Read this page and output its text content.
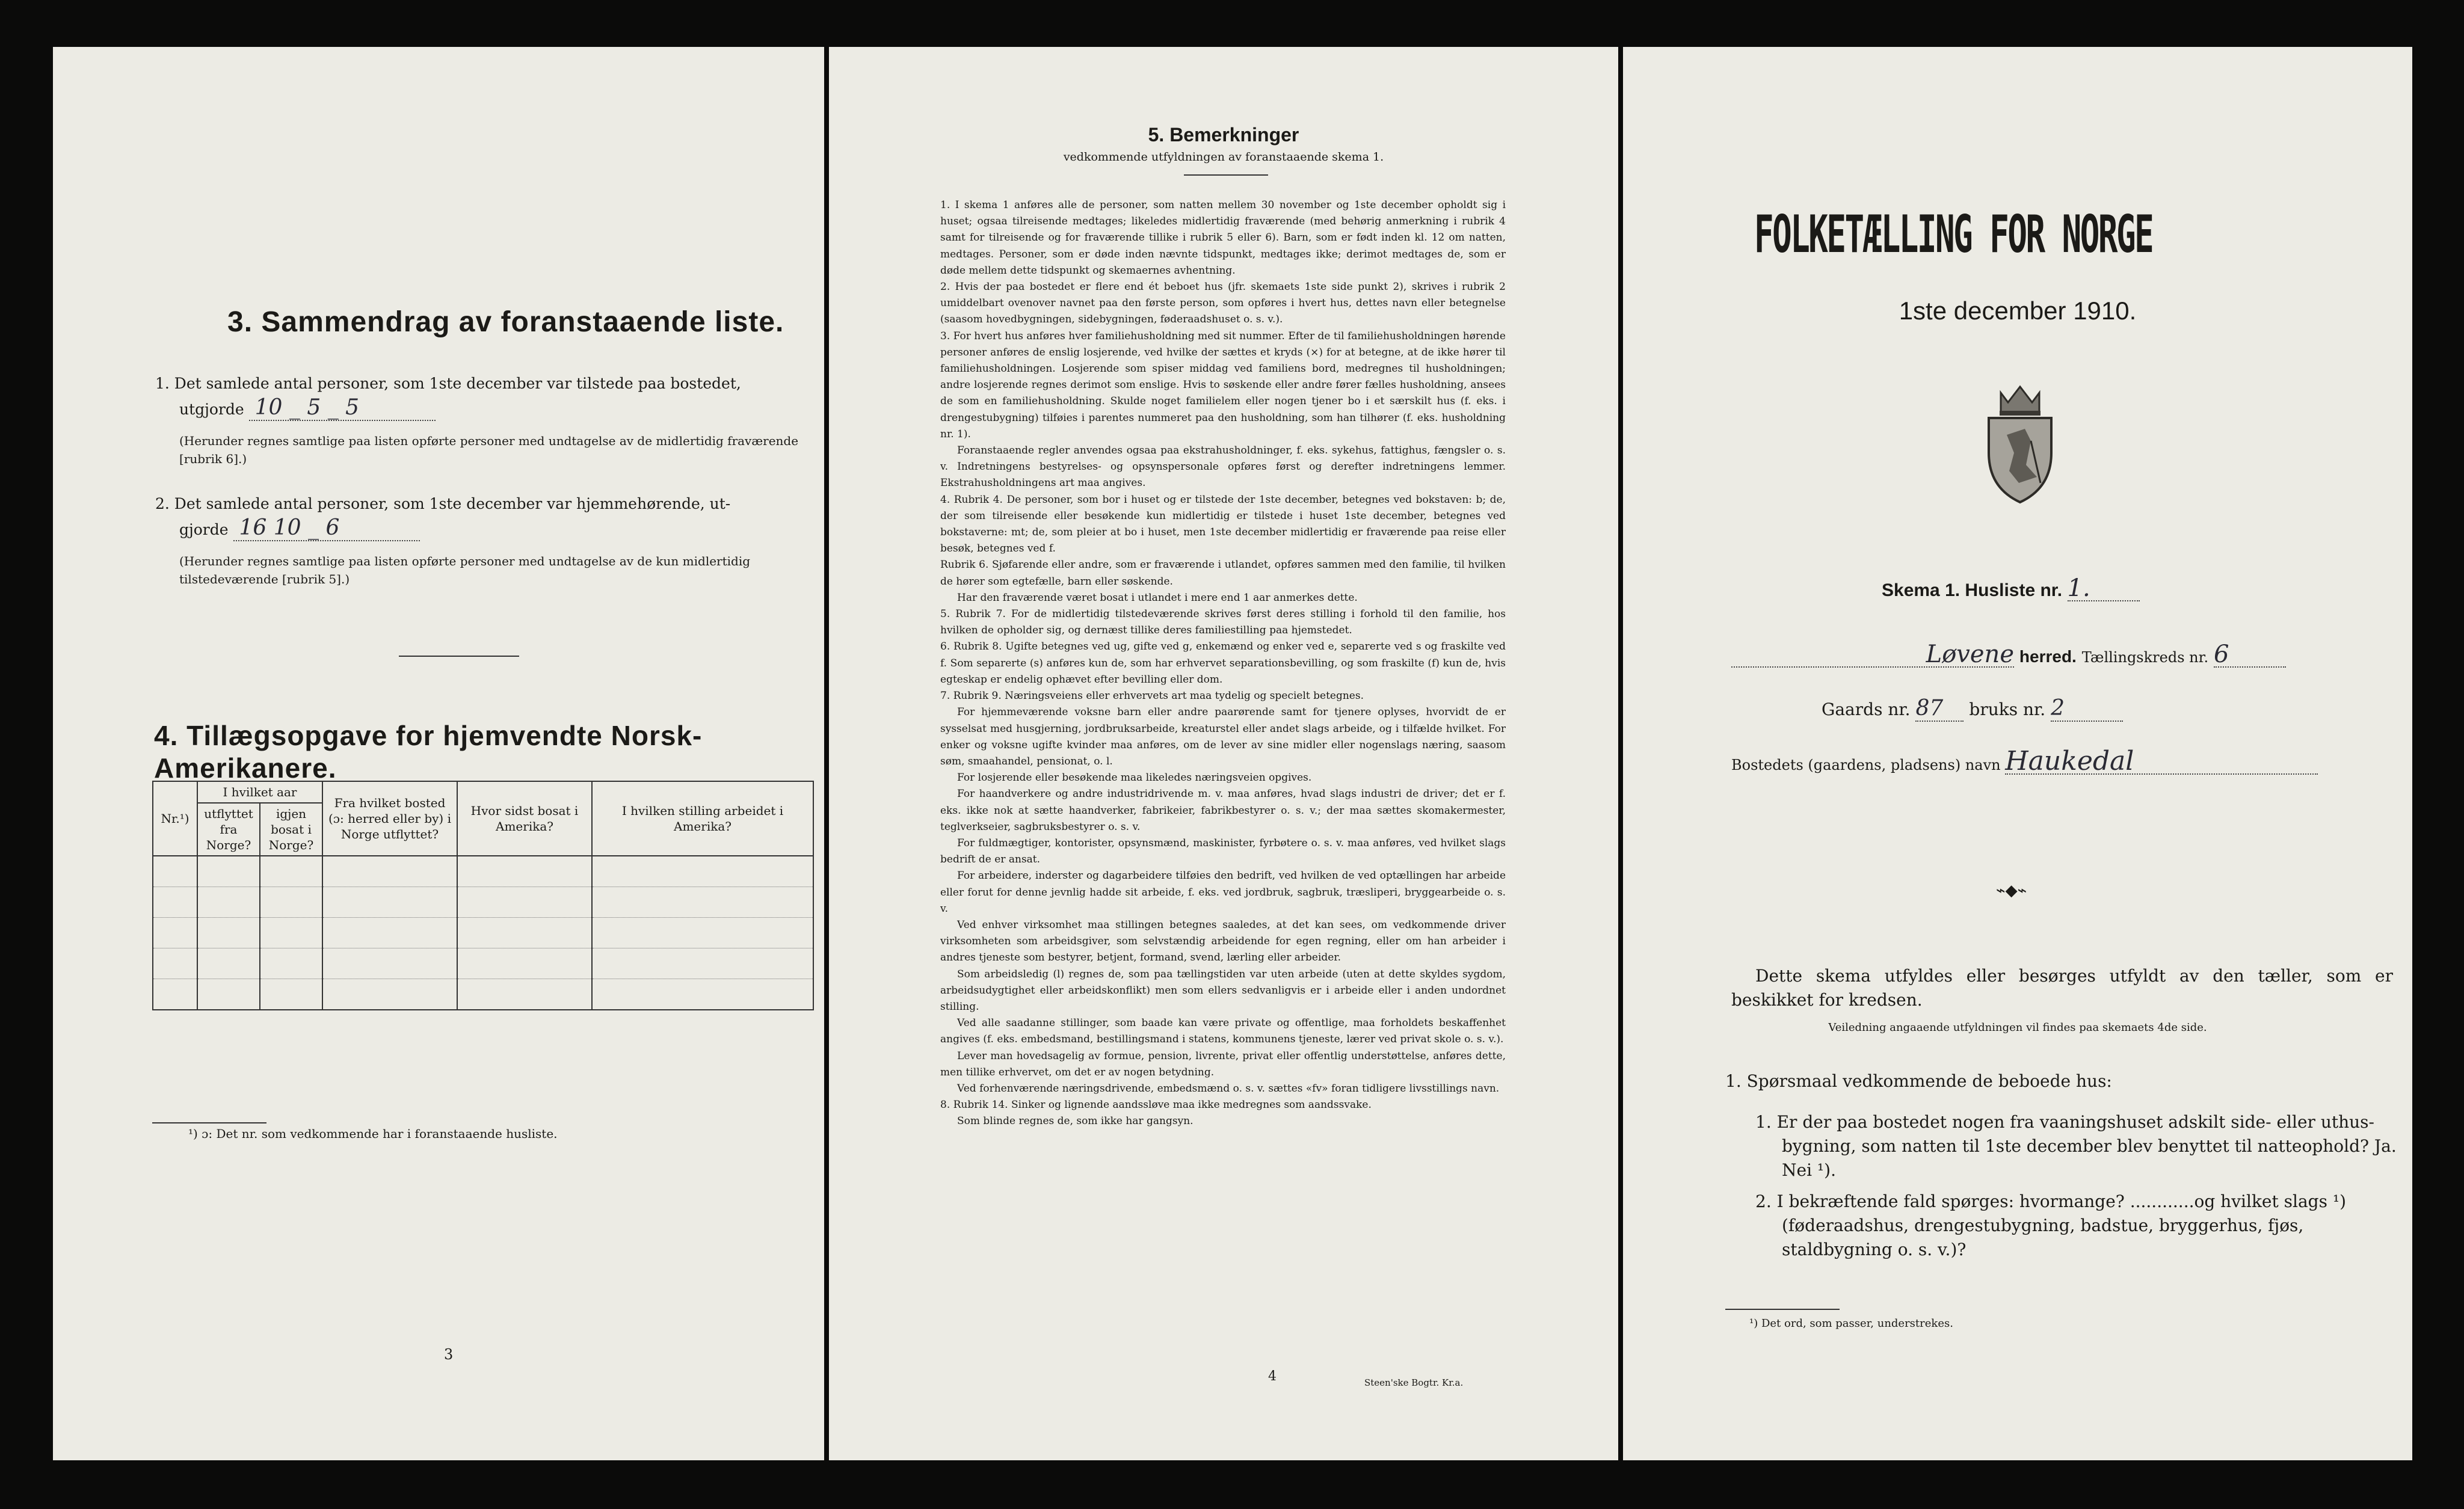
3. Sammendrag av foranstaaende liste.
1. Det samlede antal personer, som 1ste december var tilstede paa bostedet,
utgjorde 10 _ 5 _ 5
(Herunder regnes samtlige paa listen opførte personer med undtagelse av de midlertidig fraværende [rubrik 6].)
2. Det samlede antal personer, som 1ste december var hjemmehørende, ut-
gjorde 16 10 _ 6
(Herunder regnes samtlige paa listen opførte personer med undtagelse av de kun midlertidig tilstedeværende [rubrik 5].)
4. Tillægsopgave for hjemvendte Norsk-Amerikanere.
Nr.¹)	I hvilket aar		Fra hvilket bosted (ɔ: herred eller by) i Norge utflyttet?	Hvor sidst bosat i Amerika?	I hvilken stilling arbeidet i Amerika?
	utflyttet fra Norge?	igjen bosat i Norge?			

¹) ɔ: Det nr. som vedkommende har i foranstaaende husliste.
3
5. Bemerkninger
vedkommende utfyldningen av foranstaaende skema 1.

1. I skema 1 anføres alle de personer, som natten mellem 30 november og 1ste december opholdt sig i huset; ogsaa tilreisende medtages; likeledes midlertidig fraværende (med behørig anmerkning i rubrik 4 samt for tilreisende og for fraværende tillike i rubrik 5 eller 6). Barn, som er født inden kl. 12 om natten, medtages. Personer, som er døde inden nævnte tidspunkt, medtages ikke; derimot medtages de, som er døde mellem dette tidspunkt og skemaernes avhentning.

2. Hvis der paa bostedet er flere end ét beboet hus (jfr. skemaets 1ste side punkt 2), skrives i rubrik 2 umiddelbart ovenover navnet paa den første person, som opføres i hvert hus, dettes navn eller betegnelse (saasom hovedbygningen, sidebygningen, føderaadshuset o. s. v.).

3. For hvert hus anføres hver familiehusholdning med sit nummer. Efter de til familiehusholdningen hørende personer anføres de enslig losjerende, ved hvilke der sættes et kryds (×) for at betegne, at de ikke hører til familiehusholdningen. Losjerende som spiser middag ved familiens bord, medregnes til husholdningen; andre losjerende regnes derimot som enslige. Hvis to søskende eller andre fører fælles husholdning, ansees de som en familiehusholdning. Skulde noget familielem eller nogen tjener bo i et særskilt hus (f. eks. i drengestubygning) tilføies i parentes nummeret paa den husholdning, som han tilhører (f. eks. husholdning nr. 1).

Foranstaaende regler anvendes ogsaa paa ekstrahusholdninger, f. eks. sykehus, fattighus, fængsler o. s. v. Indretningens bestyrelses- og opsynspersonale opføres først og derefter indretningens lemmer. Ekstrahusholdningens art maa angives.

4. Rubrik 4. De personer, som bor i huset og er tilstede der 1ste december, betegnes ved bokstaven: b; de, der som tilreisende eller besøkende kun midlertidig er tilstede i huset 1ste december, betegnes ved bokstaverne: mt; de, som pleier at bo i huset, men 1ste december midlertidig er fraværende paa reise eller besøk, betegnes ved f.

Rubrik 6. Sjøfarende eller andre, som er fraværende i utlandet, opføres sammen med den familie, til hvilken de hører som egtefælle, barn eller søskende.

Har den fraværende været bosat i utlandet i mere end 1 aar anmerkes dette.

5. Rubrik 7. For de midlertidig tilstedeværende skrives først deres stilling i forhold til den familie, hos hvilken de opholder sig, og dernæst tillike deres familiestilling paa hjemstedet.

6. Rubrik 8. Ugifte betegnes ved ug, gifte ved g, enkemænd og enker ved e, separerte ved s og fraskilte ved f. Som separerte (s) anføres kun de, som har erhvervet separationsbevilling, og som fraskilte (f) kun de, hvis egteskap er endelig ophævet efter bevilling eller dom.

7. Rubrik 9. Næringsveiens eller erhvervets art maa tydelig og specielt betegnes.

For hjemmeværende voksne barn eller andre paarørende samt for tjenere oplyses, hvorvidt de er sysselsat med husgjerning, jordbruksarbeide, kreaturstel eller andet slags arbeide, og i tilfælde hvilket. For enker og voksne ugifte kvinder maa anføres, om de lever av sine midler eller nogenslags næring, saasom søm, smaahandel, pensionat, o. l.

For losjerende eller besøkende maa likeledes næringsveien opgives.

For haandverkere og andre industridrivende m. v. maa anføres, hvad slags industri de driver; det er f. eks. ikke nok at sætte haandverker, fabrikeier, fabrikbestyrer o. s. v.; der maa sættes skomakermester, teglverkseier, sagbruksbestyrer o. s. v.

For fuldmægtiger, kontorister, opsynsmænd, maskinister, fyrbøtere o. s. v. maa anføres, ved hvilket slags bedrift de er ansat.

For arbeidere, inderster og dagarbeidere tilføies den bedrift, ved hvilken de ved optællingen har arbeide eller forut for denne jevnlig hadde sit arbeide, f. eks. ved jordbruk, sagbruk, træsliperi, bryggearbeide o. s. v.

Ved enhver virksomhet maa stillingen betegnes saaledes, at det kan sees, om vedkommende driver virksomheten som arbeidsgiver, som selvstændig arbeidende for egen regning, eller om han arbeider i andres tjeneste som bestyrer, betjent, formand, svend, lærling eller arbeider.

Som arbeidsledig (l) regnes de, som paa tællingstiden var uten arbeide (uten at dette skyldes sygdom, arbeidsudygtighet eller arbeidskonflikt) men som ellers sedvanligvis er i arbeide eller i anden undordnet stilling.

Ved alle saadanne stillinger, som baade kan være private og offentlige, maa forholdets beskaffenhet angives (f. eks. embedsmand, bestillingsmand i statens, kommunens tjeneste, lærer ved privat skole o. s. v.).

Lever man hovedsagelig av formue, pension, livrente, privat eller offentlig understøttelse, anføres dette, men tillike erhvervet, om det er av nogen betydning.

Ved forhenværende næringsdrivende, embedsmænd o. s. v. sættes «fv» foran tidligere livsstillings navn.

8. Rubrik 14. Sinker og lignende aandssløve maa ikke medregnes som aandssvake.

Som blinde regnes de, som ikke har gangsyn.

4	Steen'ske Bogtr. Kr.a.
FOLKETÆLLING FOR NORGE
1ste december 1910.
Skema 1. Husliste nr. 1.
Løvene herred. Tællingskreds nr. 6
Gaards nr. 87 bruks nr. 2
Bostedets (gaardens, pladsens) navn Haukedal
⌁◆⌁
Dette skema utfyldes eller besørges utfyldt av den tæller, som er beskikket for kredsen.
Veiledning angaaende utfyldningen vil findes paa skemaets 4de side.
1. Spørsmaal vedkommende de beboede hus:
1. Er der paa bostedet nogen fra vaaningshuset adskilt side- eller uthus-bygning, som natten til 1ste december blev benyttet til natteophold? Ja. Nei ¹).
2. I bekræftende fald spørges: hvormange? ............og hvilket slags ¹) (føderaadshus, drengestubygning, badstue, bryggerhus, fjøs, staldbygning o. s. v.)?
¹) Det ord, som passer, understrekes.
